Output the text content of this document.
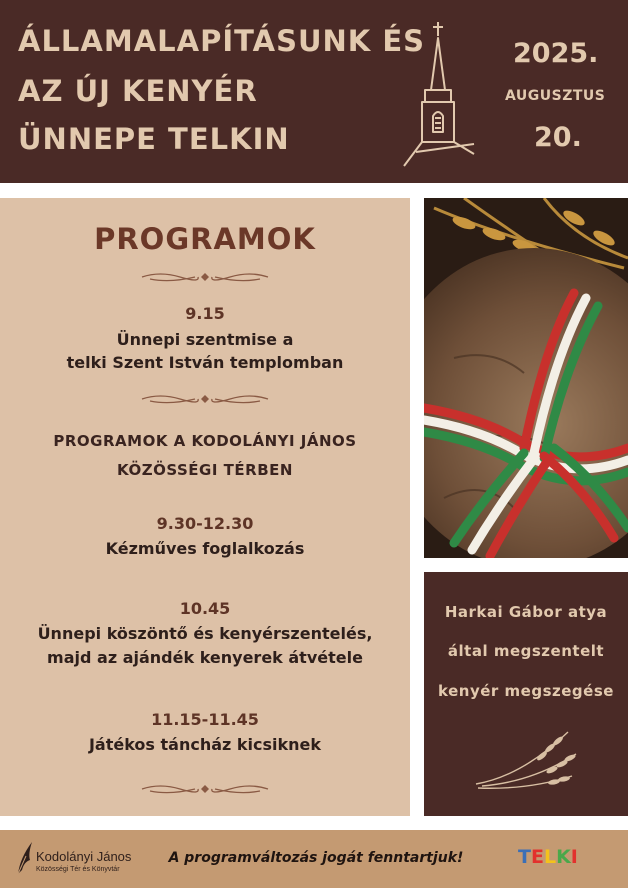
ÁLLAMALAPÍTÁSUNK ÉS
AZ ÚJ KENYÉR
ÜNNEPE TELKIN
2025.
AUGUSZTUS
20.
PROGRAMOK
9.15
Ünnepi szentmise a
telki Szent István templomban
PROGRAMOK A KODOLÁNYI JÁNOS
KÖZÖSSÉGI TÉRBEN
9.30-12.30
Kézműves foglalkozás
10.45
Ünnepi köszöntő és kenyérszentelés,
majd az ajándék kenyerek átvétele
11.15-11.45
Játékos táncház kicsiknek
Harkai Gábor atya
által megszentelt
kenyér megszegése
Kodolányi János
Közösségi Tér és Könyvtár
A programváltozás jogát fenntartjuk!	TELKI
